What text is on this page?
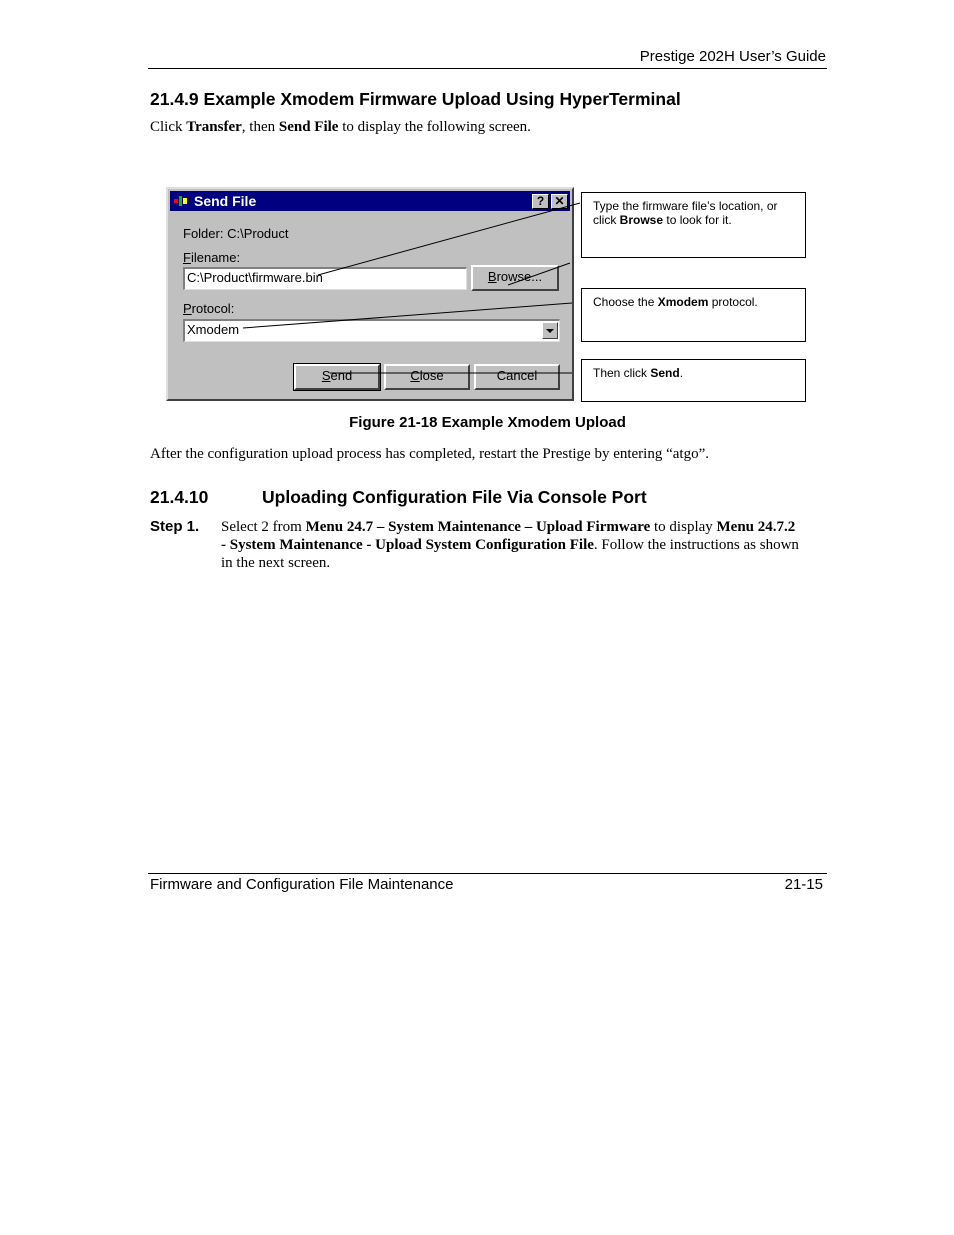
Prestige 202H User’s Guide
21.4.9 Example Xmodem Firmware Upload Using HyperTerminal
Click Transfer, then Send File to display the following screen.
Send File	? ✕
Folder: C:\Product
Filename:
C:\Product\firmware.bin	Browse...
Protocol:
Xmodem
Send	Close	Cancel
Type the firmware file’s location, or click Browse to look for it.
Choose the Xmodem protocol.
Then click Send.
Figure 21-18 Example Xmodem Upload
After the configuration upload process has completed, restart the Prestige by entering “atgo”.
21.4.10	Uploading Configuration File Via Console Port
Step 1. Select 2 from Menu 24.7 – System Maintenance – Upload Firmware to display Menu 24.7.2
- System Maintenance - Upload System Configuration File. Follow the instructions as shown
in the next screen.
Firmware and Configuration File Maintenance	21-15
